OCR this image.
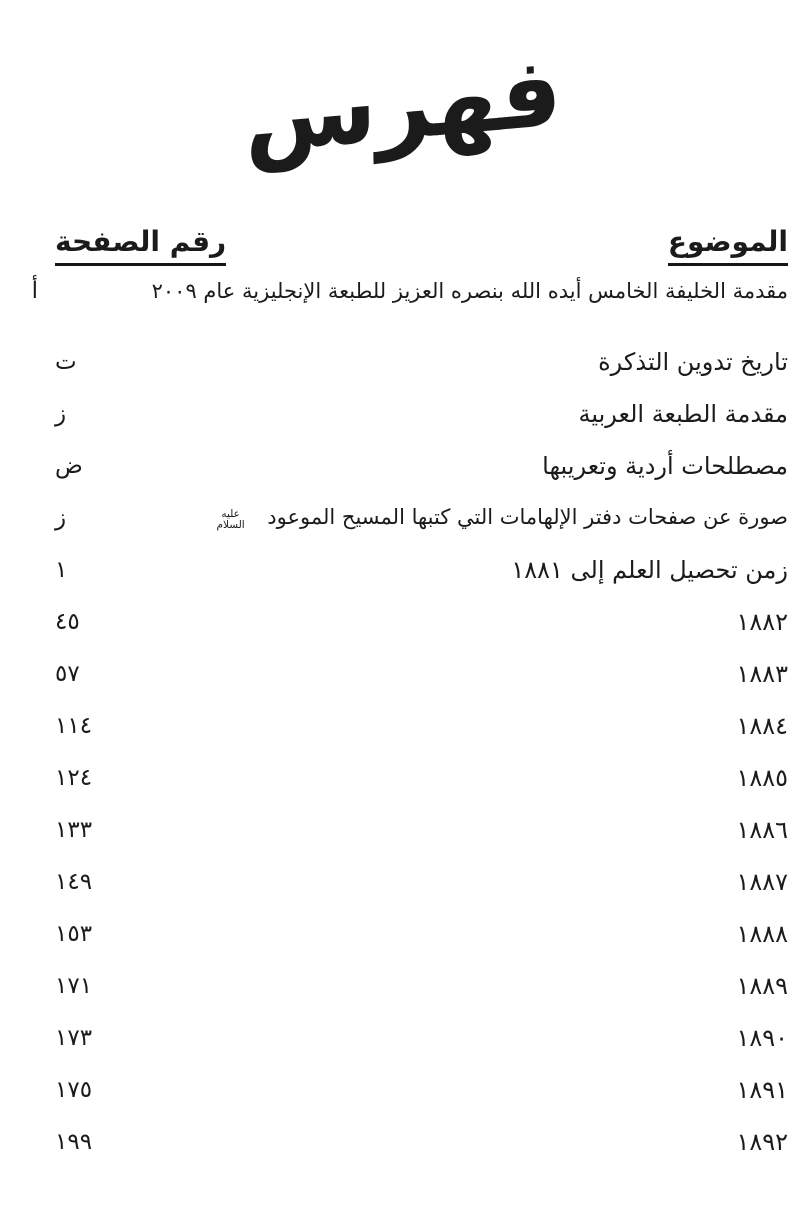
فهرس
الموضوع
رقم الصفحة
مقدمة الخليفة الخامس أيده الله بنصره العزيز للطبعة الإنجليزية عام ٢٠٠٩
أ
تاريخ تدوين التذكرة
ت
مقدمة الطبعة العربية
ز
مصطلحات أردية وتعريبها
ض
صورة عن صفحات دفتر الإلهامات التي كتبها المسيح الموعود عليه السلام
ز
زمن تحصيل العلم إلى ١٨٨١
١
١٨٨٢
٤٥
١٨٨٣
٥٧
١٨٨٤
١١٤
١٨٨٥
١٢٤
١٨٨٦
١٣٣
١٨٨٧
١٤٩
١٨٨٨
١٥٣
١٨٨٩
١٧١
١٨٩٠
١٧٣
١٨٩١
١٧٥
١٨٩٢
١٩٩
